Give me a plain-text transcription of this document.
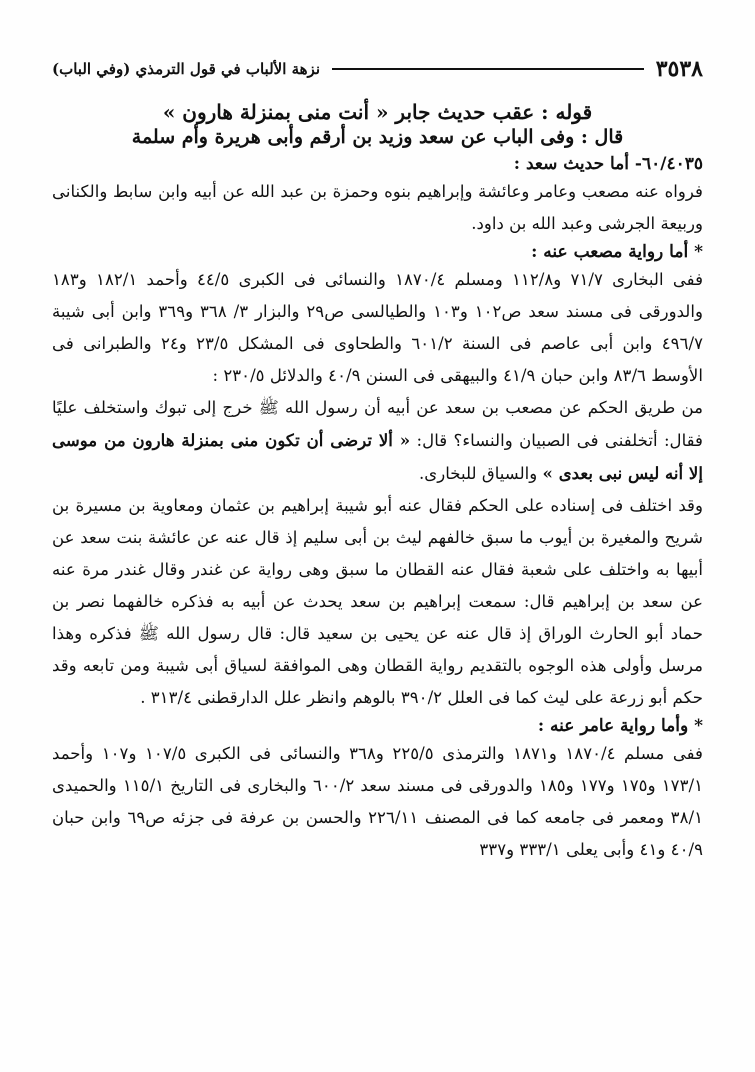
٣٥٣٨
نزهة الألباب في قول الترمذي (وفي الباب)
قوله : عقب حديث جابر « أنت منى بمنزلة هارون »
قال : وفى الباب عن سعد وزيد بن أرقم وأبى هريرة وأم سلمة
٦٠/٤٠٣٥- أما حديث سعد :

فرواه عنه مصعب وعامر وعائشة وإبراهيم بنوه وحمزة بن عبد الله عن أبيه وابن سابط والكنانى وربيعة الجرشى وعبد الله بن داود.

* أما رواية مصعب عنه :

ففى البخارى ٧١/٧ و١١٢/٨ ومسلم ١٨٧٠/٤ والنسائى فى الكبرى ٤٤/٥ وأحمد ١٨٢/١ و١٨٣ والدورقى فى مسند سعد ص١٠٢ و١٠٣ والطيالسى ص٢٩ والبزار ٣/ ٣٦٨ و٣٦٩ وابن أبى شيبة ٤٩٦/٧ وابن أبى عاصم فى السنة ٦٠١/٢ والطحاوى فى المشكل ٢٣/٥ و٢٤ والطبرانى فى الأوسط ٨٣/٦ وابن حبان ٤١/٩ والبيهقى فى السنن ٤٠/٩ والدلائل ٢٣٠/٥ :

من طريق الحكم عن مصعب بن سعد عن أبيه أن رسول الله ﷺ خرج إلى تبوك واستخلف عليًا فقال: أتخلفنى فى الصبيان والنساء؟ قال: « ألا ترضى أن تكون منى بمنزلة هارون من موسى إلا أنه ليس نبى بعدى » والسياق للبخارى.

وقد اختلف فى إسناده على الحكم فقال عنه أبو شيبة إبراهيم بن عثمان ومعاوية بن مسيرة بن شريح والمغيرة بن أيوب ما سبق خالفهم ليث بن أبى سليم إذ قال عنه عن عائشة بنت سعد عن أبيها به واختلف على شعبة فقال عنه القطان ما سبق وهى رواية عن غندر وقال غندر مرة عنه عن سعد بن إبراهيم قال: سمعت إبراهيم بن سعد يحدث عن أبيه به فذكره خالفهما نصر بن حماد أبو الحارث الوراق إذ قال عنه عن يحيى بن سعيد قال: قال رسول الله ﷺ فذكره وهذا مرسل وأولى هذه الوجوه بالتقديم رواية القطان وهى الموافقة لسياق أبى شيبة ومن تابعه وقد حكم أبو زرعة على ليث كما فى العلل ٣٩٠/٢ بالوهم وانظر علل الدارقطنى ٣١٣/٤ .

* وأما رواية عامر عنه :

ففى مسلم ١٨٧٠/٤ و١٨٧١ والترمذى ٢٢٥/٥ و٣٦٨ والنسائى فى الكبرى ١٠٧/٥ و١٠٧ وأحمد ١٧٣/١ و١٧٥ و١٧٧ و١٨٥ والدورقى فى مسند سعد ٦٠٠/٢ والبخارى فى التاريخ ١١٥/١ والحميدى ٣٨/١ ومعمر فى جامعه كما فى المصنف ٢٢٦/١١ والحسن بن عرفة فى جزئه ص٦٩ وابن حبان ٤٠/٩ و٤١ وأبى يعلى ٣٣٣/١ و٣٣٧
